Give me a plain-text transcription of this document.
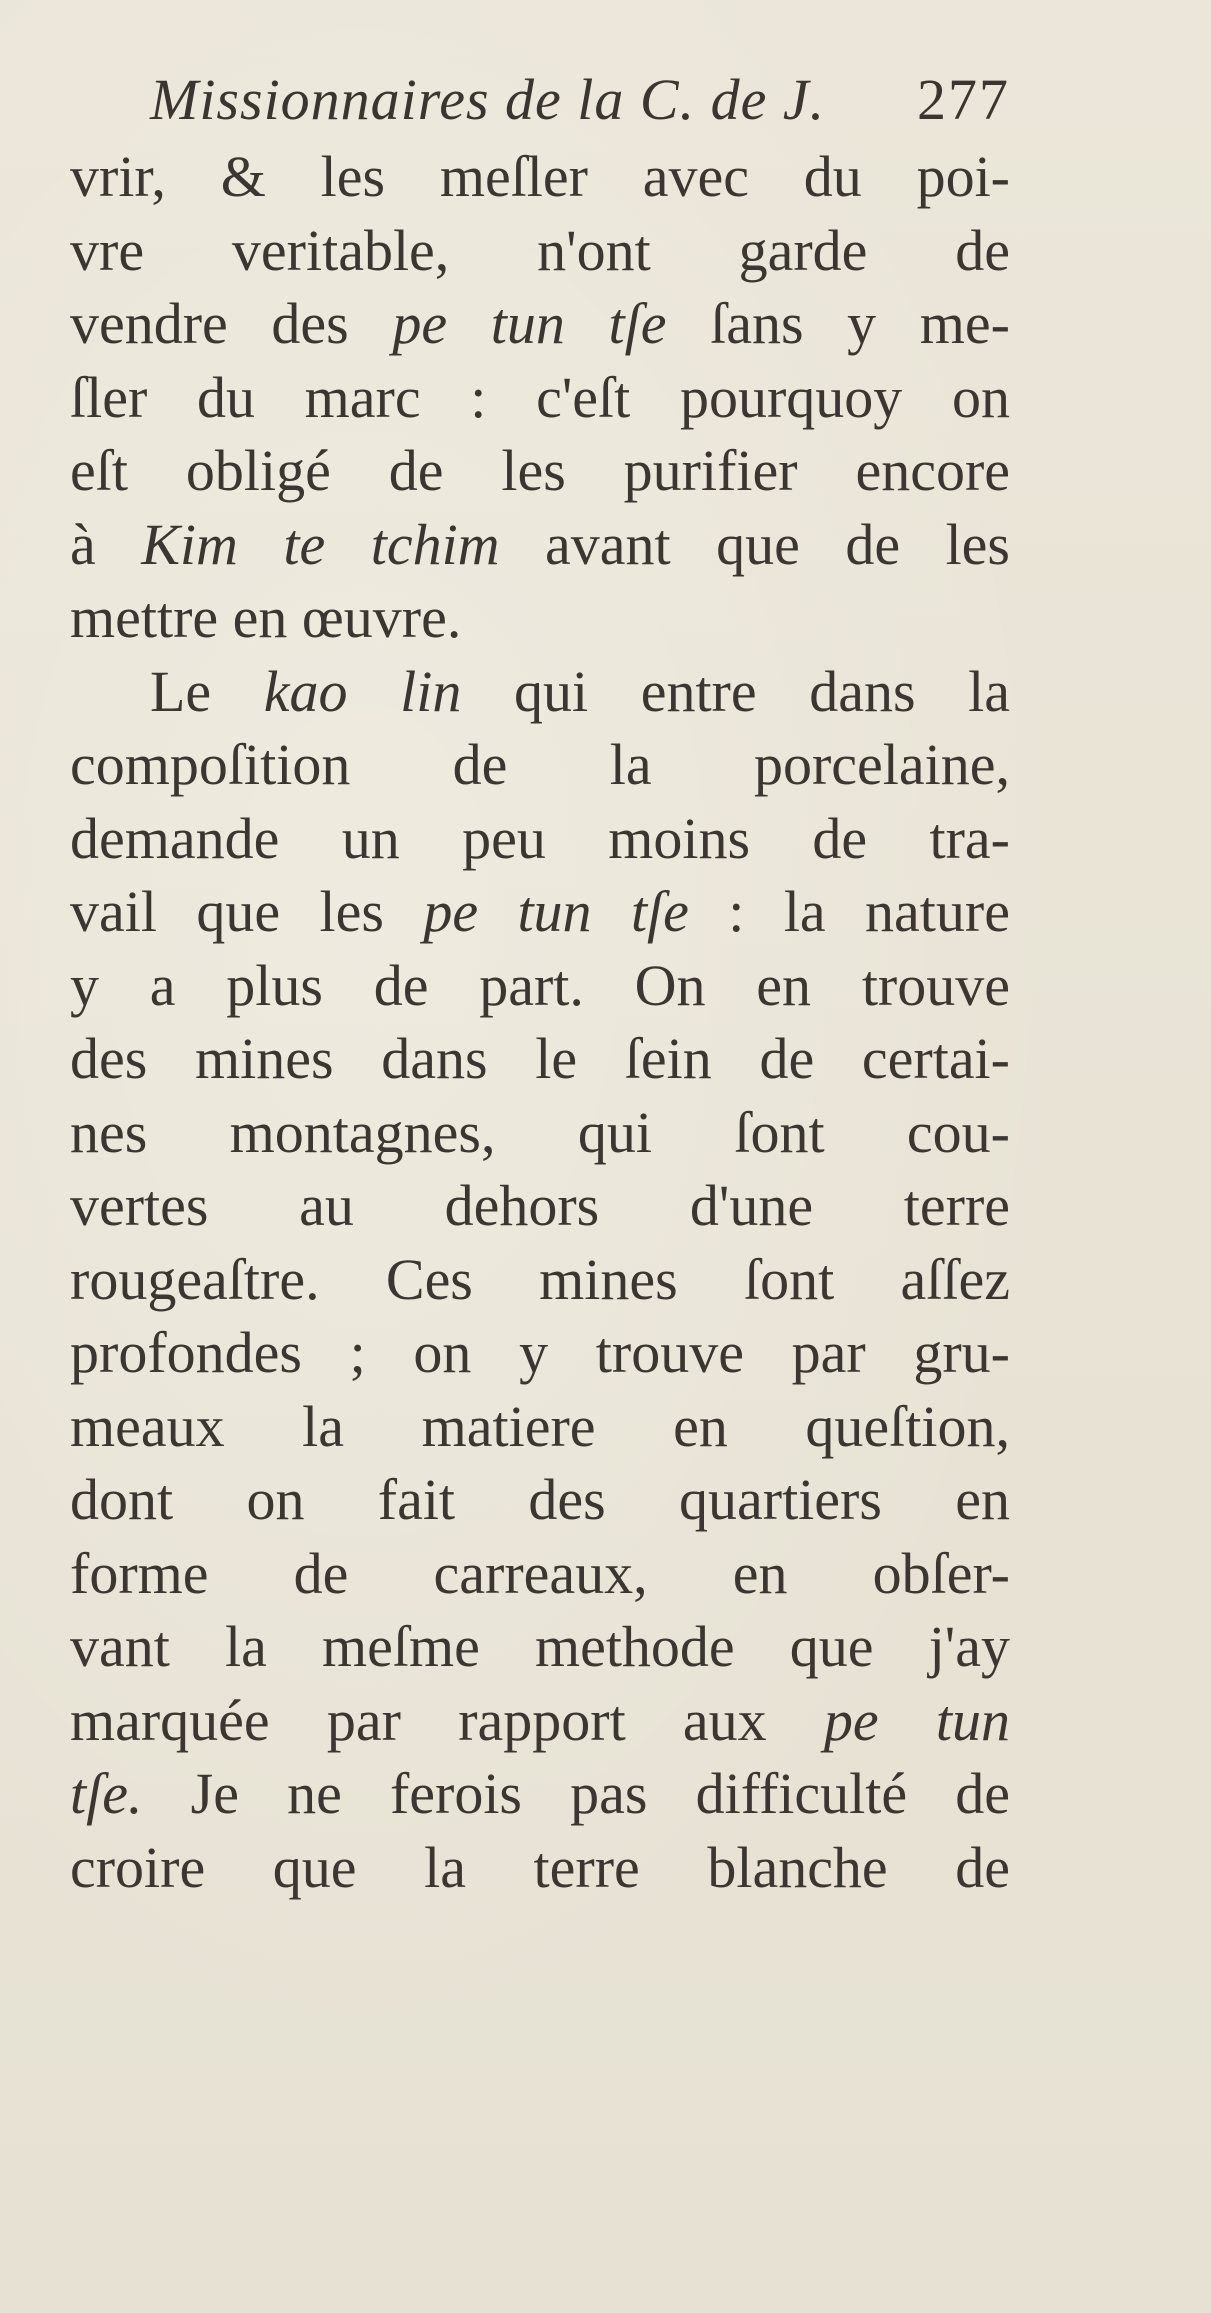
Missionnaires de la C. de J. 277
vrir, & les meſler avec du poi-
vre veritable, n'ont garde de
vendre des pe tun tſe ſans y me-
ſler du marc : c'eſt pourquoy on
eſt obligé de les purifier encore
à Kim te tchim avant que de les
mettre en œuvre.
Le kao lin qui entre dans la
compoſition de la porcelaine,
demande un peu moins de tra-
vail que les pe tun tſe : la nature
y a plus de part. On en trouve
des mines dans le ſein de certai-
nes montagnes, qui ſont cou-
vertes au dehors d'une terre
rougeaſtre. Ces mines ſont aſſez
profondes ; on y trouve par gru-
meaux la matiere en queſtion,
dont on fait des quartiers en
forme de carreaux, en obſer-
vant la meſme methode que j'ay
marquée par rapport aux pe tun
tſe. Je ne ferois pas difficulté de
croire que la terre blanche de
